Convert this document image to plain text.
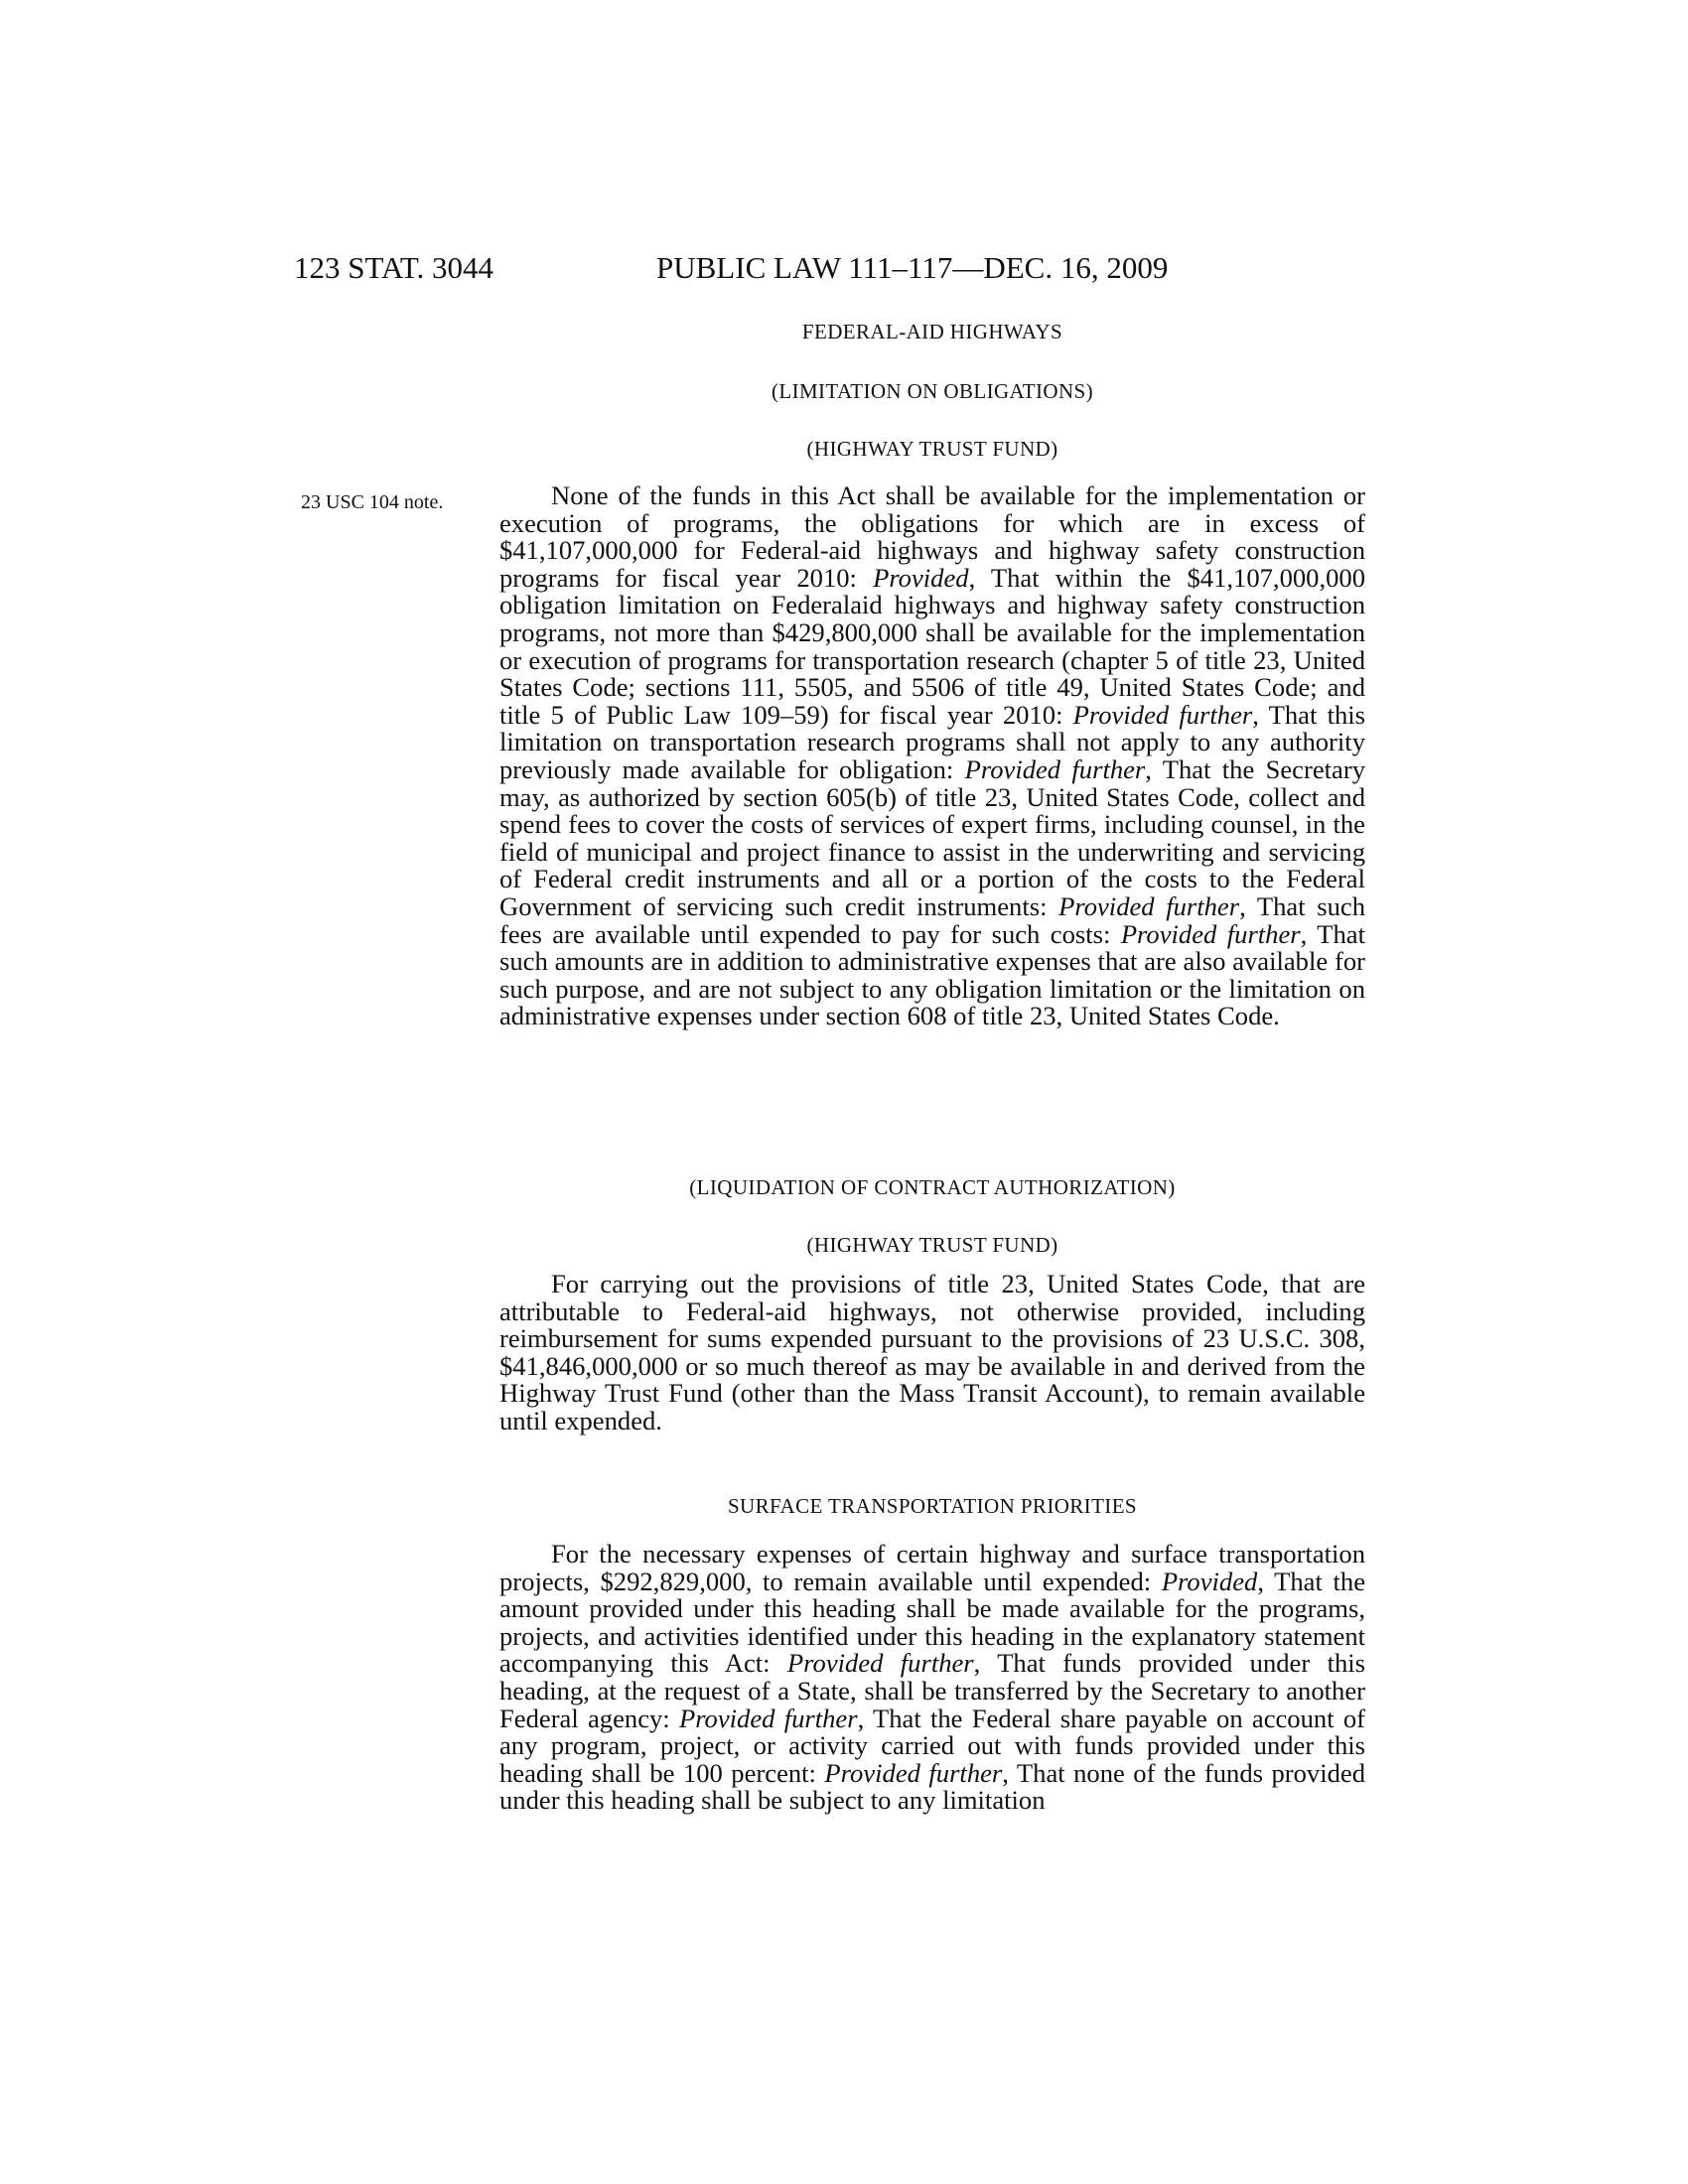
123 STAT. 3044	PUBLIC LAW 111–117—DEC. 16, 2009
FEDERAL-AID HIGHWAYS
(LIMITATION ON OBLIGATIONS)
(HIGHWAY TRUST FUND)
23 USC 104 note.	None of the funds in this Act shall be available for the implementation or execution of programs, the obligations for which are in excess of $41,107,000,000 for Federal-aid highways and highway safety construction programs for fiscal year 2010: Provided, That within the $41,107,000,000 obligation limitation on Federalaid highways and highway safety construction programs, not more than $429,800,000 shall be available for the implementation or execution of programs for transportation research (chapter 5 of title 23, United States Code; sections 111, 5505, and 5506 of title 49, United States Code; and title 5 of Public Law 109–59) for fiscal year 2010: Provided further, That this limitation on transportation research programs shall not apply to any authority previously made available for obligation: Provided further, That the Secretary may, as authorized by section 605(b) of title 23, United States Code, collect and spend fees to cover the costs of services of expert firms, including counsel, in the field of municipal and project finance to assist in the underwriting and servicing of Federal credit instruments and all or a portion of the costs to the Federal Government of servicing such credit instruments: Provided further, That such fees are available until expended to pay for such costs: Provided further, That such amounts are in addition to administrative expenses that are also available for such purpose, and are not subject to any obligation limitation or the limitation on administrative expenses under section 608 of title 23, United States Code.

(LIQUIDATION OF CONTRACT AUTHORIZATION)
(HIGHWAY TRUST FUND)

For carrying out the provisions of title 23, United States Code, that are attributable to Federal-aid highways, not otherwise provided, including reimbursement for sums expended pursuant to the provisions of 23 U.S.C. 308, $41,846,000,000 or so much thereof as may be available in and derived from the Highway Trust Fund (other than the Mass Transit Account), to remain available until expended.

SURFACE TRANSPORTATION PRIORITIES

For the necessary expenses of certain highway and surface transportation projects, $292,829,000, to remain available until expended: Provided, That the amount provided under this heading shall be made available for the programs, projects, and activities identified under this heading in the explanatory statement accompanying this Act: Provided further, That funds provided under this heading, at the request of a State, shall be transferred by the Secretary to another Federal agency: Provided further, That the Federal share payable on account of any program, project, or activity carried out with funds provided under this heading shall be 100 percent: Provided further, That none of the funds provided under this heading shall be subject to any limitation
